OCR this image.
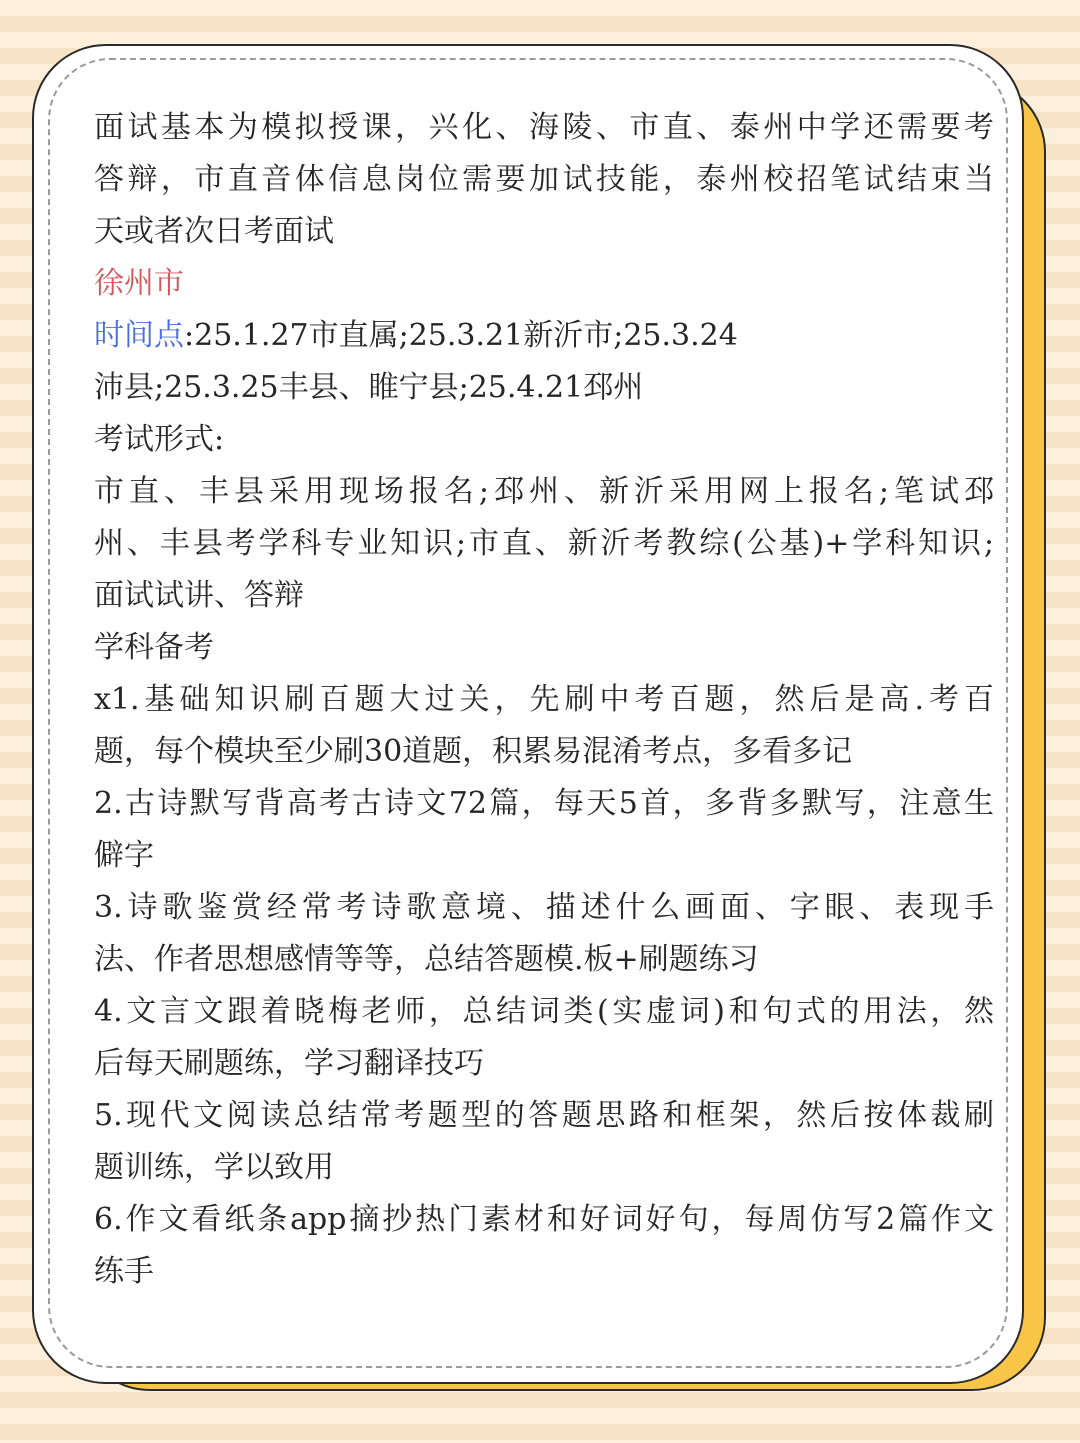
面试基本为模拟授课，兴化、海陵、市直、泰州中学还需要考
答辩，市直音体信息岗位需要加试技能，泰州校招笔试结束当
天或者次日考面试
徐州市
时间点:25.1.27市直属;25.3.21新沂市;25.3.24
沛县;25.3.25丰县、睢宁县;25.4.21邳州
考试形式:
市直、丰县采用现场报名;邳州、新沂采用网上报名;笔试邳
州、丰县考学科专业知识;市直、新沂考教综(公基)+学科知识;
面试试讲、答辩
学科备考
x1.基础知识刷百题大过关，先刷中考百题，然后是高.考百
题，每个模块至少刷30道题，积累易混淆考点，多看多记
2.古诗默写背高考古诗文72篇，每天5首，多背多默写，注意生
僻字
3.诗歌鉴赏经常考诗歌意境、描述什么画面、字眼、表现手
法、作者思想感情等等，总结答题模.板+刷题练习
4.文言文跟着晓梅老师，总结词类(实虚词)和句式的用法，然
后每天刷题练，学习翻译技巧
5.现代文阅读总结常考题型的答题思路和框架，然后按体裁刷
题训练，学以致用
6.作文看纸条app摘抄热门素材和好词好句，每周仿写2篇作文
练手
